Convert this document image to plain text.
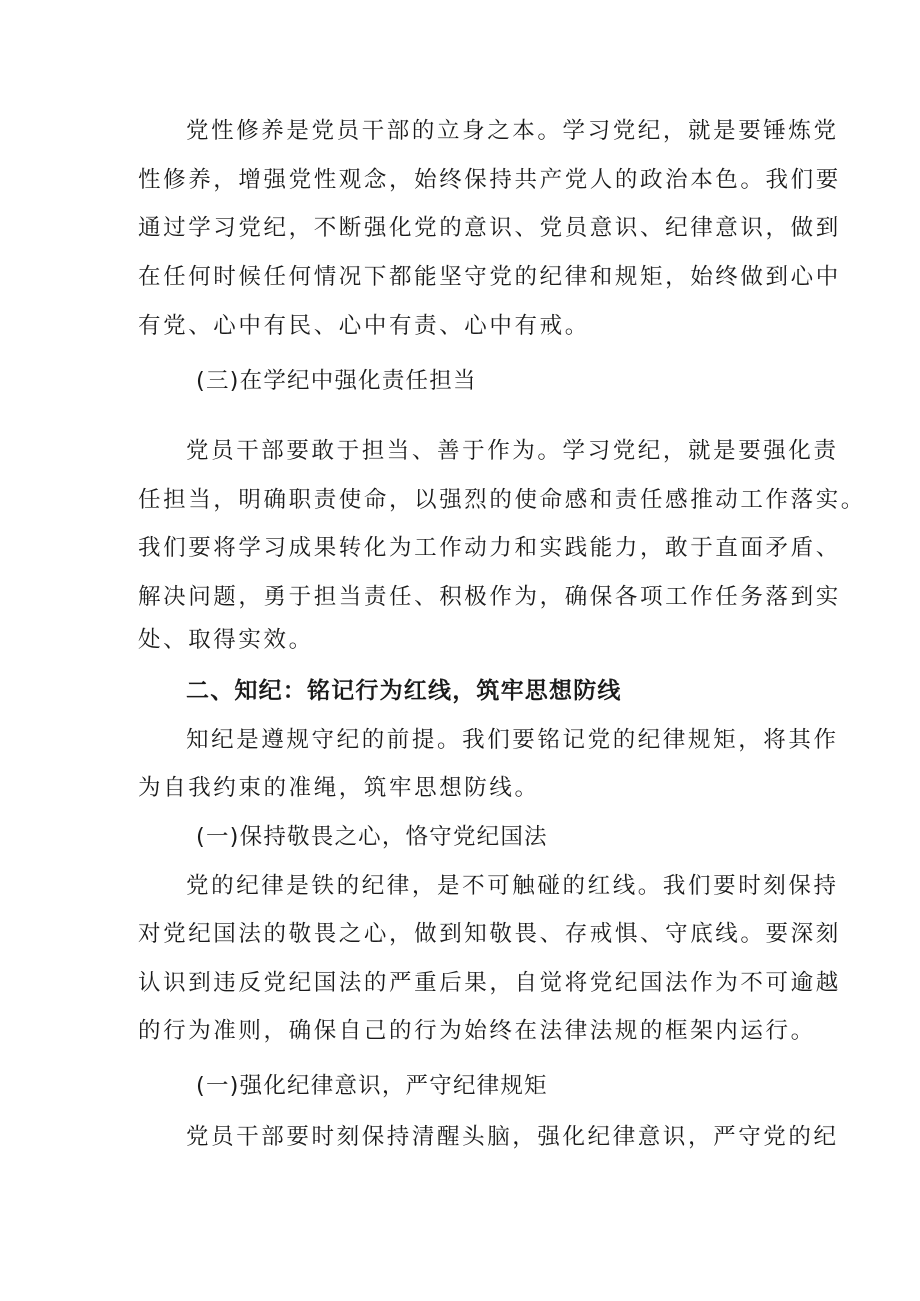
党性修养是党员干部的立身之本。学习党纪，就是要锤炼党
性修养，增强党性观念，始终保持共产党人的政治本色。我们要
通过学习党纪，不断强化党的意识、党员意识、纪律意识，做到
在任何时候任何情况下都能坚守党的纪律和规矩，始终做到心中
有党、心中有民、心中有责、心中有戒。
(三)在学纪中强化责任担当
党员干部要敢于担当、善于作为。学习党纪，就是要强化责
任担当，明确职责使命，以强烈的使命感和责任感推动工作落实。
我们要将学习成果转化为工作动力和实践能力，敢于直面矛盾、
解决问题，勇于担当责任、积极作为，确保各项工作任务落到实
处、取得实效。
二、知纪：铭记行为红线，筑牢思想防线
知纪是遵规守纪的前提。我们要铭记党的纪律规矩，将其作
为自我约束的准绳，筑牢思想防线。
(一)保持敬畏之心，恪守党纪国法
党的纪律是铁的纪律，是不可触碰的红线。我们要时刻保持
对党纪国法的敬畏之心，做到知敬畏、存戒惧、守底线。要深刻
认识到违反党纪国法的严重后果，自觉将党纪国法作为不可逾越
的行为准则，确保自己的行为始终在法律法规的框架内运行。
(一)强化纪律意识，严守纪律规矩
党员干部要时刻保持清醒头脑，强化纪律意识，严守党的纪
